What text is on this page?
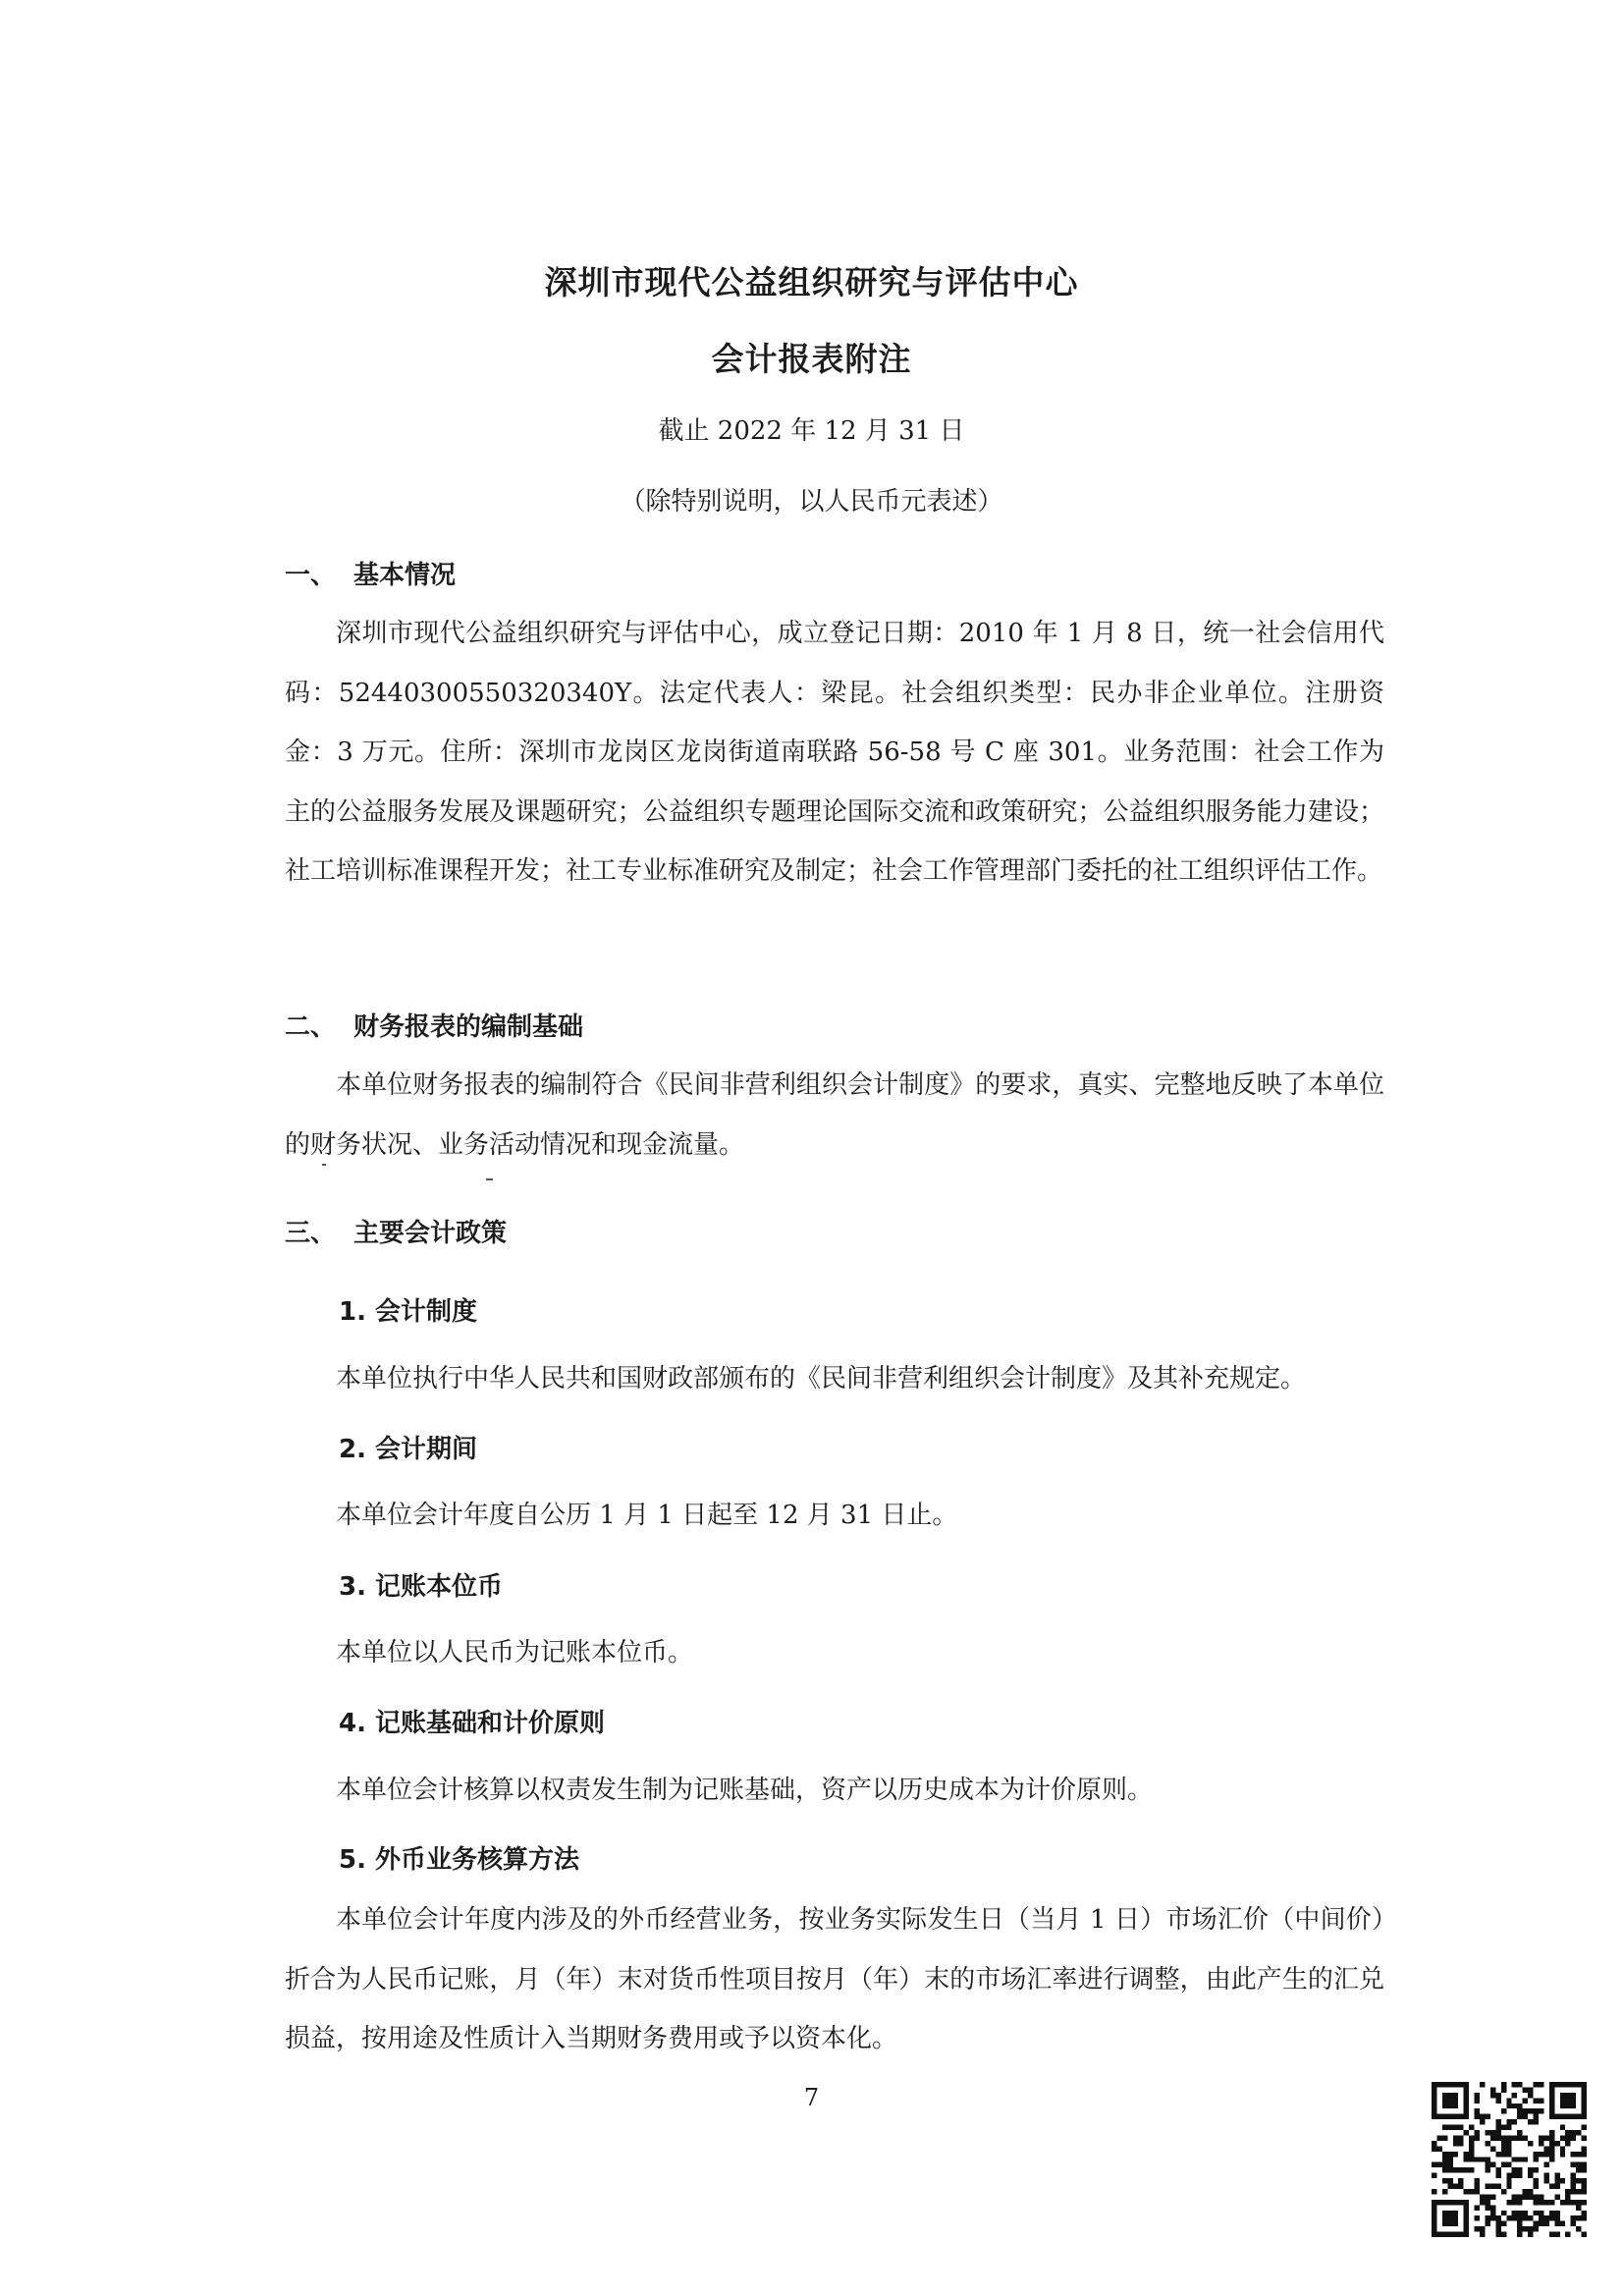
深圳市现代公益组织研究与评估中心
会计报表附注
截止 2022 年 12 月 31 日
（除特别说明，以人民币元表述）
一、 基本情况

深圳市现代公益组织研究与评估中心，成立登记日期：2010 年 1 月 8 日，统一社会信用代码：52440300550320340Y。法定代表人：梁昆。社会组织类型：民办非企业单位。注册资金：3 万元。住所：深圳市龙岗区龙岗街道南联路 56-58 号 C 座 301。业务范围：社会工作为主的公益服务发展及课题研究；公益组织专题理论国际交流和政策研究；公益组织服务能力建设；社工培训标准课程开发；社工专业标准研究及制定；社会工作管理部门委托的社工组织评估工作。

二、 财务报表的编制基础

本单位财务报表的编制符合《民间非营利组织会计制度》的要求，真实、完整地反映了本单位的财务状况、业务活动情况和现金流量。

三、 主要会计政策
1. 会计制度
本单位执行中华人民共和国财政部颁布的《民间非营利组织会计制度》及其补充规定。
2. 会计期间
本单位会计年度自公历 1 月 1 日起至 12 月 31 日止。
3. 记账本位币
本单位以人民币为记账本位币。
4. 记账基础和计价原则
本单位会计核算以权责发生制为记账基础，资产以历史成本为计价原则。
5. 外币业务核算方法

本单位会计年度内涉及的外币经营业务，按业务实际发生日（当月 1 日）市场汇价（中间价）折合为人民币记账，月（年）末对货币性项目按月（年）末的市场汇率进行调整，由此产生的汇兑损益，按用途及性质计入当期财务费用或予以资本化。

7
